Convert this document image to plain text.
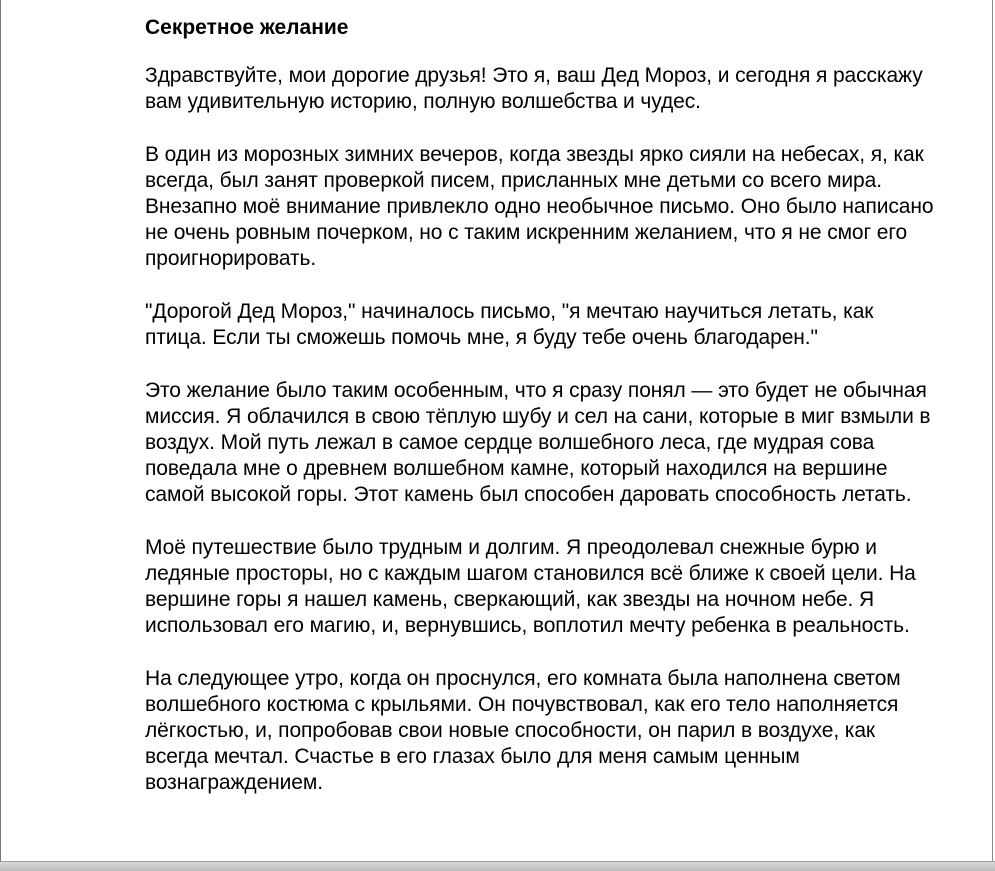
Секретное желание

Здравствуйте, мои дорогие друзья! Это я, ваш Дед Мороз, и сегодня я расскажу вам удивительную историю, полную волшебства и чудес.

В один из морозных зимних вечеров, когда звезды ярко сияли на небесах, я, как всегда, был занят проверкой писем, присланных мне детьми со всего мира. Внезапно моё внимание привлекло одно необычное письмо. Оно было написано не очень ровным почерком, но с таким искренним желанием, что я не смог его проигнорировать.

"Дорогой Дед Мороз," начиналось письмо, "я мечтаю научиться летать, как птица. Если ты сможешь помочь мне, я буду тебе очень благодарен."

Это желание было таким особенным, что я сразу понял — это будет не обычная миссия. Я облачился в свою тёплую шубу и сел на сани, которые в миг взмыли в воздух. Мой путь лежал в самое сердце волшебного леса, где мудрая сова поведала мне о древнем волшебном камне, который находился на вершине самой высокой горы. Этот камень был способен даровать способность летать.

Моё путешествие было трудным и долгим. Я преодолевал снежные бурю и ледяные просторы, но с каждым шагом становился всё ближе к своей цели. На вершине горы я нашел камень, сверкающий, как звезды на ночном небе. Я использовал его магию, и, вернувшись, воплотил мечту ребенка в реальность.

На следующее утро, когда он проснулся, его комната была наполнена светом волшебного костюма с крыльями. Он почувствовал, как его тело наполняется лёгкостью, и, попробовав свои новые способности, он парил в воздухе, как всегда мечтал. Счастье в его глазах было для меня самым ценным вознаграждением.
